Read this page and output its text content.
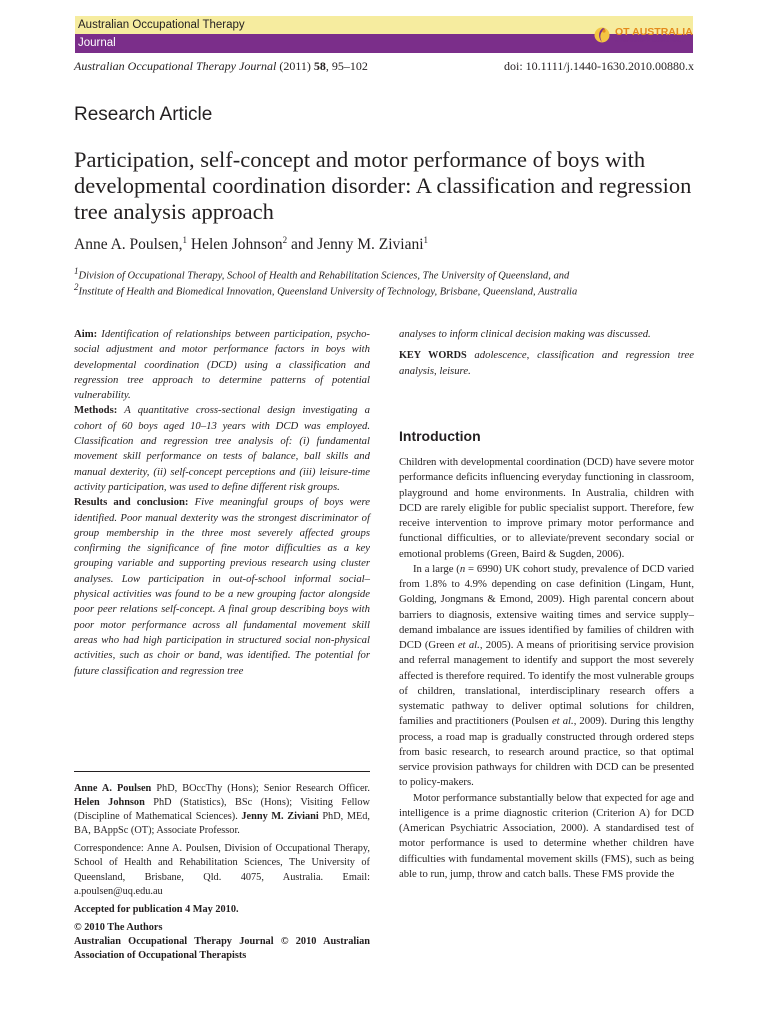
Australian Occupational Therapy
Journal
OT AUSTRALIA
Australian Association of Occupational Therapists
Australian Occupational Therapy Journal (2011) 58, 95–102	doi: 10.1111/j.1440-1630.2010.00880.x
Research Article
Participation, self-concept and motor performance of boys with developmental coordination disorder: A classification and regression tree analysis approach
Anne A. Poulsen,$^1$ Helen Johnson$^2$ and Jenny M. Ziviani$^1$
$^1$Division of Occupational Therapy, School of Health and Rehabilitation Sciences, The University of Queensland, and
$^2$Institute of Health and Biomedical Innovation, Queensland University of Technology, Brisbane, Queensland, Australia

Aim: Identification of relationships between participation, psycho-social adjustment and motor performance factors in boys with developmental coordination (DCD) using a classification and regression tree approach to determine patterns of potential vulnerability.

Methods: A quantitative cross-sectional design investigating a cohort of 60 boys aged 10–13 years with DCD was employed. Classification and regression tree analysis of: (i) fundamental movement skill performance on tests of balance, ball skills and manual dexterity, (ii) self-concept perceptions and (iii) leisure-time activity participation, was used to define different risk groups.

Results and conclusion: Five meaningful groups of boys were identified. Poor manual dexterity was the strongest discriminator of group membership in the three most severely affected groups confirming the significance of fine motor difficulties as a key grouping variable and supporting previous research using cluster analyses. Low participation in out-of-school informal social–physical activities was found to be a new grouping factor alongside poor peer relations self-concept. A final group describing boys with poor motor performance across all fundamental movement skill areas who had high participation in structured social non-physical activities, such as choir or band, was identified. The potential for future classification and regression tree

Anne A. Poulsen PhD, BOccThy (Hons); Senior Research Officer. Helen Johnson PhD (Statistics), BSc (Hons); Visiting Fellow (Discipline of Mathematical Sciences). Jenny M. Ziviani PhD, MEd, BA, BAppSc (OT); Associate Professor.

Correspondence: Anne A. Poulsen, Division of Occupational Therapy, School of Health and Rehabilitation Sciences, The University of Queensland, Brisbane, Qld. 4075, Australia. Email: a.poulsen@uq.edu.au

Accepted for publication 4 May 2010.

© 2010 The Authors
Australian Occupational Therapy Journal © 2010 Australian Association of Occupational Therapists

analyses to inform clinical decision making was discussed.

KEY WORDS adolescence, classification and regression tree analysis, leisure.

Introduction

Children with developmental coordination (DCD) have severe motor performance deficits influencing everyday functioning in classroom, playground and home environments. In Australia, children with DCD are rarely eligible for public specialist support. Therefore, few receive intervention to improve primary motor performance and functional difficulties, or to alleviate/prevent secondary social or emotional problems (Green, Baird & Sugden, 2006).

In a large (n = 6990) UK cohort study, prevalence of DCD varied from 1.8% to 4.9% depending on case definition (Lingam, Hunt, Golding, Jongmans & Emond, 2009). High parental concern about barriers to diagnosis, extensive waiting times and service supply–demand imbalance are issues identified by families of children with DCD (Green et al., 2005). A means of prioritising service provision and referral management to identify and support the most severely affected is therefore required. To identify the most vulnerable groups of children, translational, interdisciplinary research offers a systematic pathway to deliver optimal solutions for children, families and practitioners (Poulsen et al., 2009). During this lengthy process, a road map is gradually constructed through ordered steps from basic research, to research around practice, so that optimal service provision pathways for children with DCD can be presented to policy-makers.

Motor performance substantially below that expected for age and intelligence is a prime diagnostic criterion (Criterion A) for DCD (American Psychiatric Association, 2000). A standardised test of motor performance is used to determine whether children have difficulties with fundamental movement skills (FMS), such as being able to run, jump, throw and catch balls. These FMS provide the
